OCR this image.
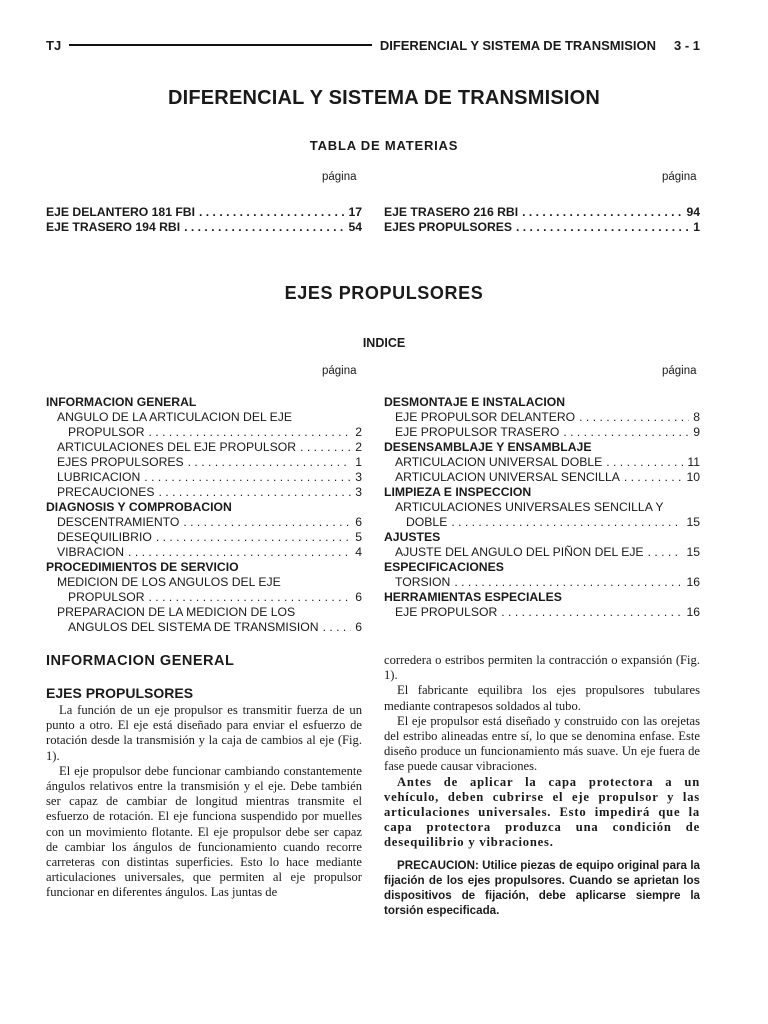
TJ	DIFERENCIAL Y SISTEMA DE TRANSMISION 3 - 1
DIFERENCIAL Y SISTEMA DE TRANSMISION
TABLA DE MATERIAS
página	página
EJE DELANTERO 181 FBI . . .	17
EJE TRASERO 194 RBI . . .	54
EJE TRASERO 216 RBI . . .	94
EJES PROPULSORES . . .	1
EJES PROPULSORES
INDICE
página	página
INFORMACION GENERAL
ANGULO DE LA ARTICULACION DEL EJE
PROPULSOR . . .	2
ARTICULACIONES DEL EJE PROPULSOR . . .	2
EJES PROPULSORES . . .	1
LUBRICACION . . .	3
PRECAUCIONES . . .	3
DIAGNOSIS Y COMPROBACION
DESCENTRAMIENTO . . .	6
DESEQUILIBRIO . . .	5
VIBRACION . . .	4
PROCEDIMIENTOS DE SERVICIO
MEDICION DE LOS ANGULOS DEL EJE
PROPULSOR . . .	6
PREPARACION DE LA MEDICION DE LOS
ANGULOS DEL SISTEMA DE TRANSMISION . . .	6
DESMONTAJE E INSTALACION
EJE PROPULSOR DELANTERO . . .	8
EJE PROPULSOR TRASERO . . .	9
DESENSAMBLAJE Y ENSAMBLAJE
ARTICULACION UNIVERSAL DOBLE . . .	11
ARTICULACION UNIVERSAL SENCILLA . . .	10
LIMPIEZA E INSPECCION
ARTICULACIONES UNIVERSALES SENCILLA Y
DOBLE . . .	15
AJUSTES
AJUSTE DEL ANGULO DEL PIÑON DEL EJE . . .	15
ESPECIFICACIONES
TORSION . . .	16
HERRAMIENTAS ESPECIALES
EJE PROPULSOR . . .	16
INFORMACION GENERAL
EJES PROPULSORES

La función de un eje propulsor es transmitir fuerza de un punto a otro. El eje está diseñado para enviar el esfuerzo de rotación desde la transmisión y la caja de cambios al eje (Fig. 1).

El eje propulsor debe funcionar cambiando constantemente ángulos relativos entre la transmisión y el eje. Debe también ser capaz de cambiar de longitud mientras transmite el esfuerzo de rotación. El eje funciona suspendido por muelles con un movimiento flotante. El eje propulsor debe ser capaz de cambiar los ángulos de funcionamiento cuando recorre carreteras con distintas superficies. Esto lo hace mediante articulaciones universales, que permiten al eje propulsor funcionar en diferentes ángulos. Las juntas de

corredera o estribos permiten la contracción o expansión (Fig. 1).

El fabricante equilibra los ejes propulsores tubulares mediante contrapesos soldados al tubo.

El eje propulsor está diseñado y construido con las orejetas del estribo alineadas entre sí, lo que se denomina enfase. Este diseño produce un funcionamiento más suave. Un eje fuera de fase puede causar vibraciones.

Antes de aplicar la capa protectora a un vehículo, deben cubrirse el eje propulsor y las articulaciones universales. Esto impedirá que la capa protectora produzca una condición de desequilibrio y vibraciones.

PRECAUCION: Utilice piezas de equipo original para la fijación de los ejes propulsores. Cuando se aprietan los dispositivos de fijación, debe aplicarse siempre la torsión especificada.
